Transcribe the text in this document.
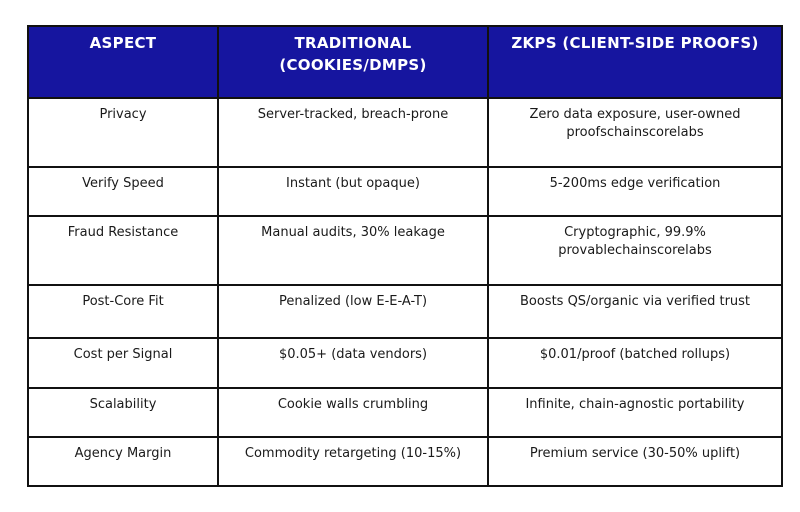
ASPECT	TRADITIONAL (COOKIES/DMPS)	ZKPS (CLIENT-SIDE PROOFS)
Privacy	Server-tracked, breach-prone	Zero data exposure, user-owned proofschainscorelabs
Verify Speed	Instant (but opaque)	5-200ms edge verification
Fraud Resistance	Manual audits, 30% leakage	Cryptographic, 99.9% provablechainscorelabs
Post-Core Fit	Penalized (low E-E-A-T)	Boosts QS/organic via verified trust
Cost per Signal	$0.05+ (data vendors)	$0.01/proof (batched rollups)
Scalability	Cookie walls crumbling	Infinite, chain-agnostic portability
Agency Margin	Commodity retargeting (10-15%)	Premium service (30-50% uplift)
